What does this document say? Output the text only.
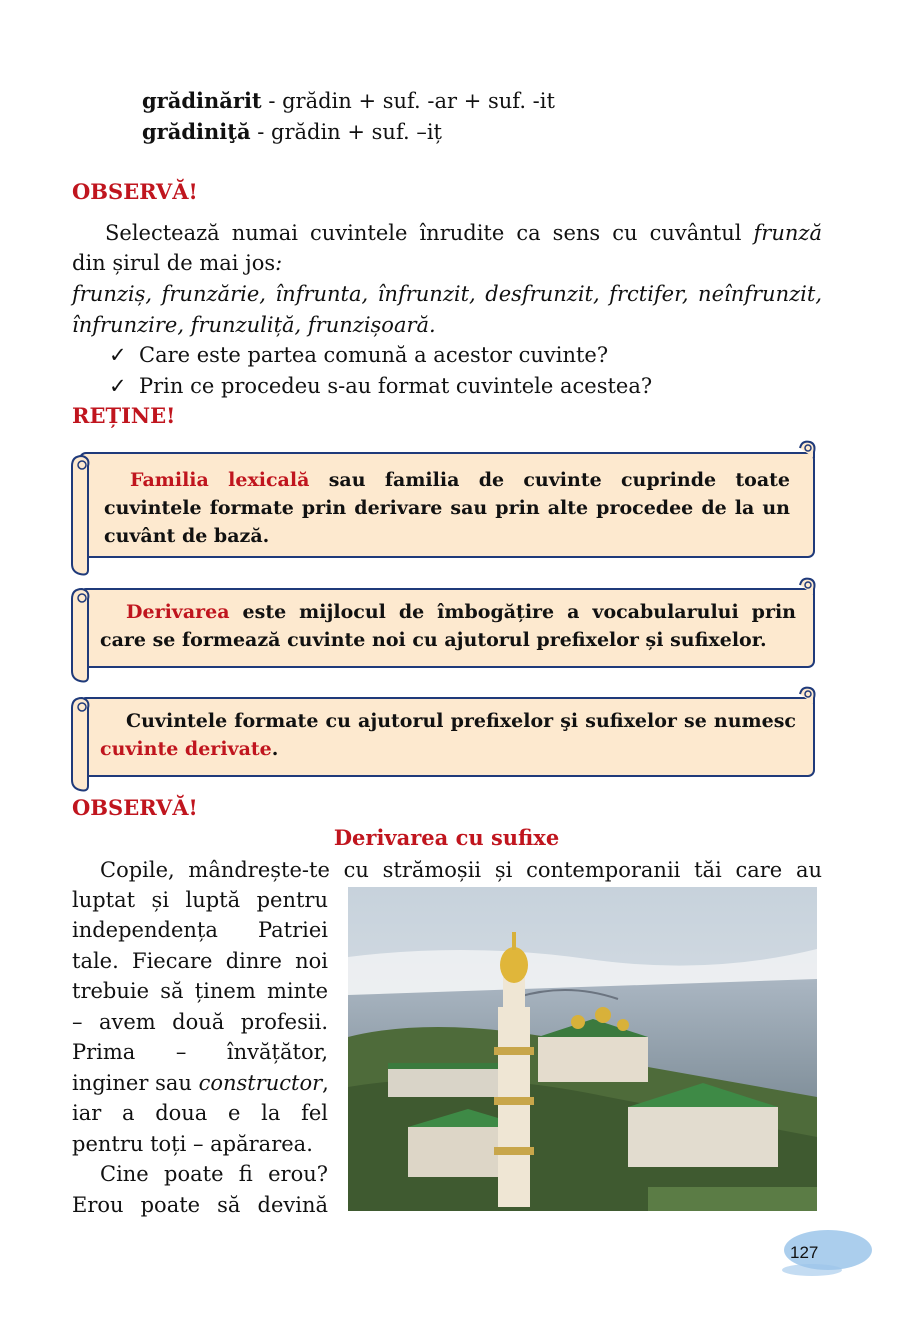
grădinărit - grădin + suf. -ar + suf. -it
grădiniţă - grădin + suf. –iț
OBSERVĂ!
Selectează numai cuvintele înrudite ca sens cu cuvântul frunză
din șirul de mai jos:
frunziș, frunzărie, înfrunta, înfrunzit, desfrunzit, frctifer, neînfrunzit,
înfrunzire, frunzuliță, frunzișoară.
✓ Care este partea comună a acestor cuvinte?
✓ Prin ce procedeu s-au format cuvintele acestea?
REȚINE!
Familia lexicală sau familia de cuvinte cuprinde toate cuvintele formate prin derivare sau prin alte procedee de la un cuvânt de bază.
Derivarea este mijlocul de îmbogățire a vocabularului prin care se formează cuvinte noi cu ajutorul prefixelor și sufixelor.
Cuvintele formate cu ajutorul prefixelor şi sufixelor se numesc cuvinte derivate.
OBSERVĂ!
Derivarea cu sufixe
Copile, mândrește-te cu strămoșii și contemporanii tăi care au
luptat și luptă pentru
independența Patriei
tale. Fiecare dinre noi
trebuie să ținem minte
– avem două profesii.
Prima – învățător,
inginer sau constructor,
iar a doua e la fel
pentru toți – apărarea.
Cine poate fi erou?
Erou poate să devină
127
